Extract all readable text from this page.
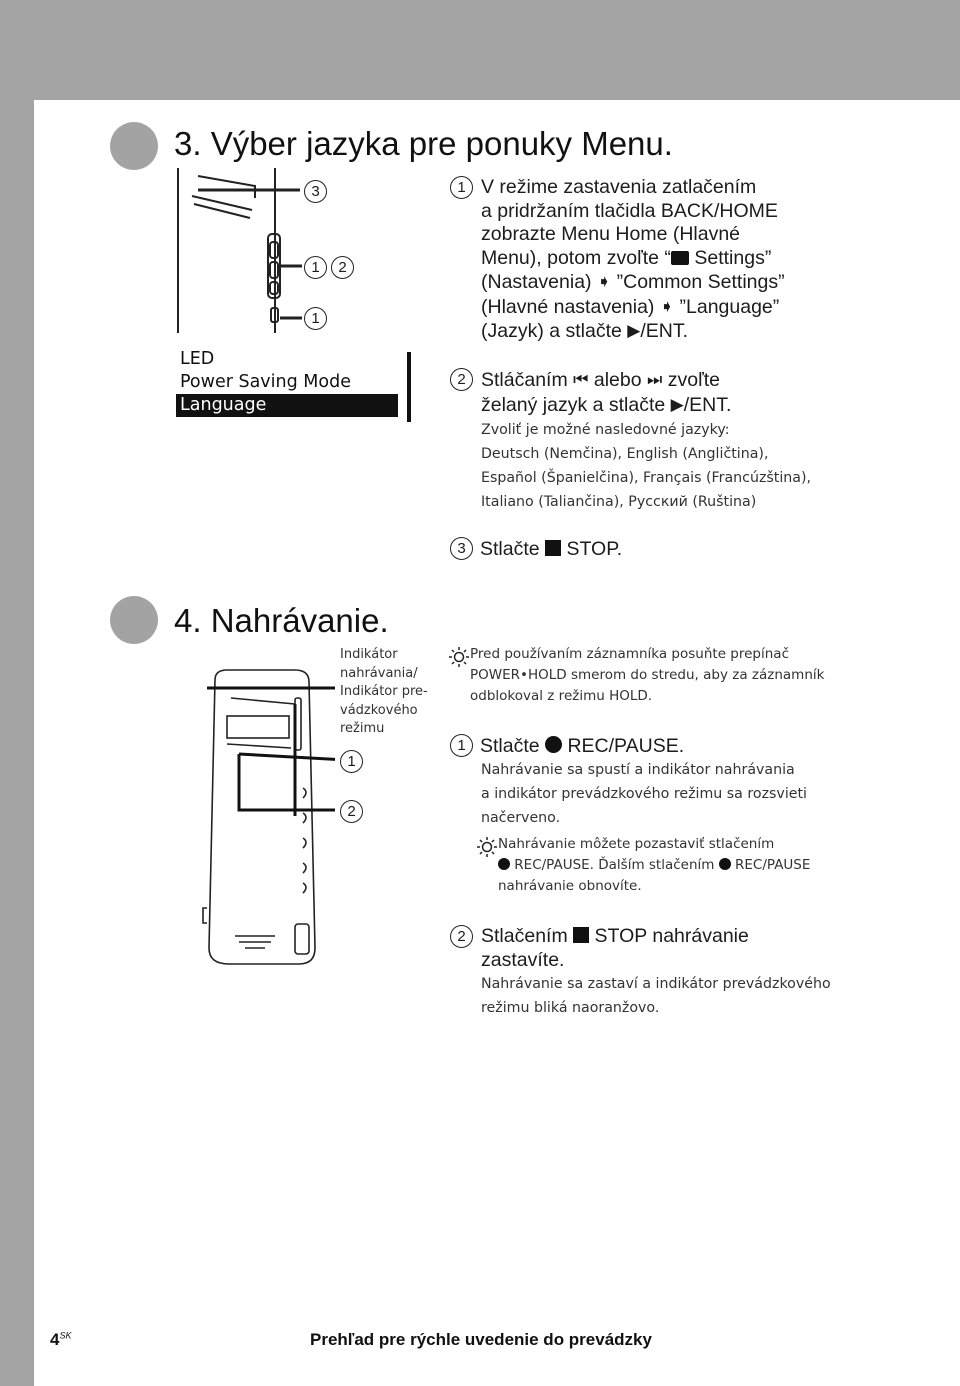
3. Výber jazyka pre ponuky Menu.
3
1	2
1
LED
Power Saving Mode
Language
1 V režime zastavenia zatlačením
a pridržaním tlačidla BACK/HOME
zobrazte Menu Home (Hlavné
Menu), potom zvoľte “ Settings”
(Nastavenia) ➧ ”Common Settings”
(Hlavné nastavenia) ➧ ”Language”
(Jazyk) a stlačte ▶/ENT.
2 Stláčaním ⏮ alebo ⏭ zvoľte
želaný jazyk a stlačte ▶/ENT.
Zvoliť je možné nasledovné jazyky:
Deutsch (Nemčina), English (Angličtina),
Español (Španielčina), Français (Francúzština),
Italiano (Taliančina), Русский (Ruština)
3 Stlačte  STOP.
4. Nahrávanie.
Indikátor
nahrávania/
Indikátor pre-
vádzkového
režimu
1
2
Pred používaním záznamníka posuňte prepínač
POWER•HOLD smerom do stredu, aby za záznamník
odblokoval z režimu HOLD.
1 Stlačte  REC/PAUSE.
Nahrávanie sa spustí a indikátor nahrávania
a indikátor prevádzkového režimu sa rozsvieti
načerveno.
Nahrávanie môžete pozastaviť stlačením
REC/PAUSE. Ďalším stlačením  REC/PAUSE
nahrávanie obnovíte.
2 Stlačením  STOP nahrávanie
zastavíte.
Nahrávanie sa zastaví a indikátor prevádzkového
režimu bliká naoranžovo.
$4^{SK}$	Prehľad pre rýchle uvedenie do prevádzky
